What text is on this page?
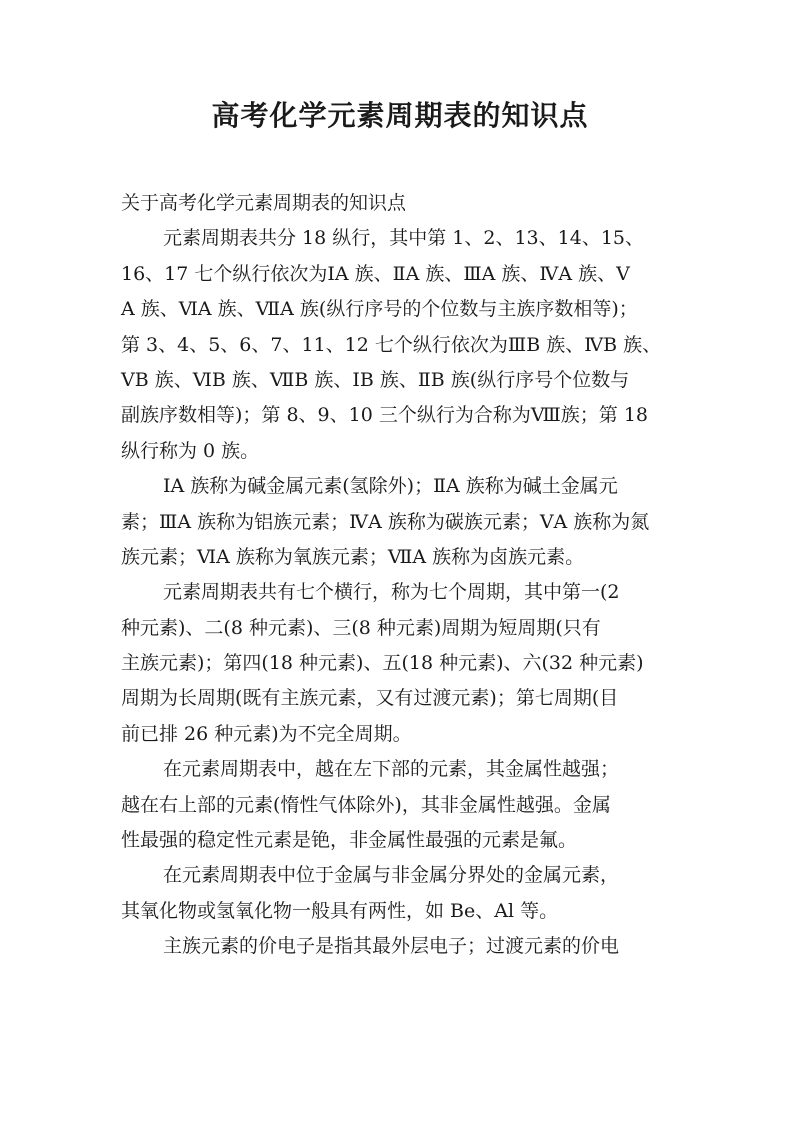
高考化学元素周期表的知识点
关于高考化学元素周期表的知识点
元素周期表共分 18 纵行，其中第 1、2、13、14、15、
16、17 七个纵行依次为ⅠA 族、ⅡA 族、ⅢA 族、ⅣA 族、Ⅴ
A 族、ⅥA 族、ⅦA 族(纵行序号的个位数与主族序数相等)；
第 3、4、5、6、7、11、12 七个纵行依次为ⅢB 族、ⅣB 族、
ⅤB 族、ⅥB 族、ⅦB 族、ⅠB 族、ⅡB 族(纵行序号个位数与
副族序数相等)；第 8、9、10 三个纵行为合称为Ⅷ族；第 18
纵行称为 0 族。
ⅠA 族称为碱金属元素(氢除外)；ⅡA 族称为碱土金属元
素；ⅢA 族称为铝族元素；ⅣA 族称为碳族元素；ⅤA 族称为氮
族元素；ⅥA 族称为氧族元素；ⅦA 族称为卤族元素。
元素周期表共有七个横行，称为七个周期，其中第一(2
种元素)、二(8 种元素)、三(8 种元素)周期为短周期(只有
主族元素)；第四(18 种元素)、五(18 种元素)、六(32 种元素)
周期为长周期(既有主族元素，又有过渡元素)；第七周期(目
前已排 26 种元素)为不完全周期。
在元素周期表中，越在左下部的元素，其金属性越强；
越在右上部的元素(惰性气体除外)，其非金属性越强。金属
性最强的稳定性元素是铯，非金属性最强的元素是氟。
在元素周期表中位于金属与非金属分界处的金属元素，
其氧化物或氢氧化物一般具有两性，如 Be、Al 等。
主族元素的价电子是指其最外层电子；过渡元素的价电
